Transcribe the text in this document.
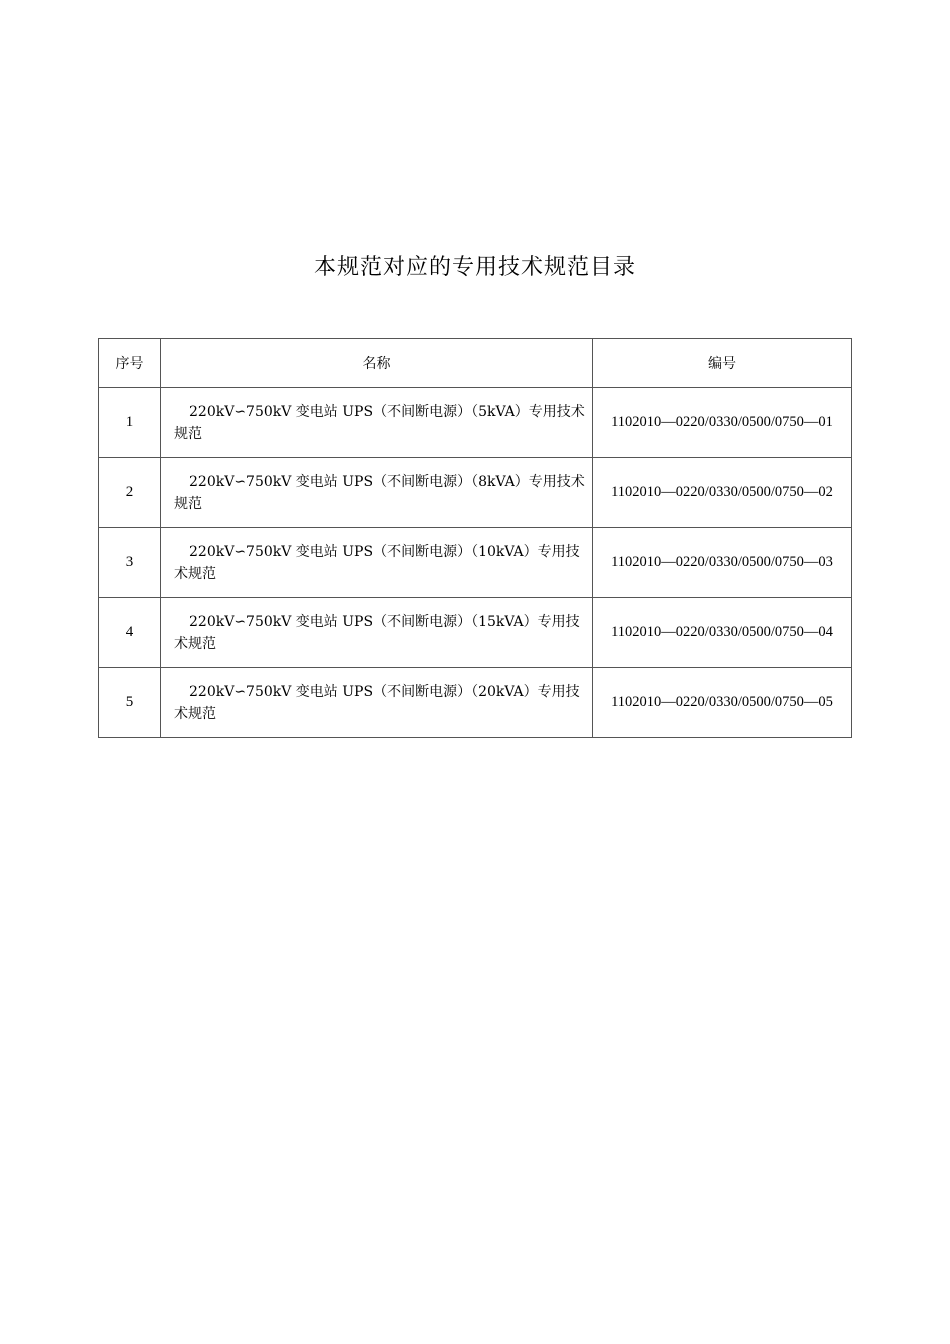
本规范对应的专用技术规范目录
序号	名称	编号
1	220kV∽750kV 变电站 UPS（不间断电源）（5kVA）专用技术规范	1102010—0220/0330/0500/0750—01
2	220kV∽750kV 变电站 UPS（不间断电源）（8kVA）专用技术规范	1102010—0220/0330/0500/0750—02
3	220kV∽750kV 变电站 UPS（不间断电源）（10kVA）专用技术规范	1102010—0220/0330/0500/0750—03
4	220kV∽750kV 变电站 UPS（不间断电源）（15kVA）专用技术规范	1102010—0220/0330/0500/0750—04
5	220kV∽750kV 变电站 UPS（不间断电源）（20kVA）专用技术规范	1102010—0220/0330/0500/0750—05
